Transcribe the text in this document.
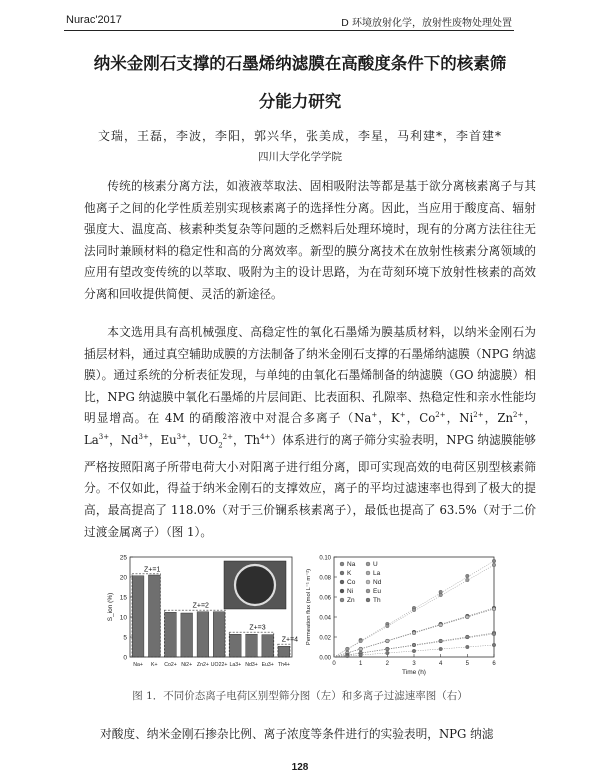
Nurac'2017	D 环境放射化学，放射性废物处理处置
纳米金刚石支撑的石墨烯纳滤膜在高酸度条件下的核素筛
分能力研究
文瑞，王磊，李波，李阳，郭兴华，张美成，李星，马利建*，李首建*
四川大学化学学院

传统的核素分离方法，如液液萃取法、固相吸附法等都是基于欲分离核素离子与其他离子之间的化学性质差别实现核素离子的选择性分离。因此，当应用于酸度高、辐射强度大、温度高、核素种类复杂等问题的乏燃料后处理环境时，现有的分离方法往往无法同时兼顾材料的稳定性和高的分离效率。新型的膜分离技术在放射性核素分离领域的应用有望改变传统的以萃取、吸附为主的设计思路，为在苛刻环境下放射性核素的高效分离和回收提供简便、灵活的新途径。

本文选用具有高机械强度、高稳定性的氧化石墨烯为膜基质材料，以纳米金刚石为插层材料，通过真空辅助成膜的方法制备了纳米金刚石支撑的石墨烯纳滤膜（NPG 纳滤膜）。通过系统的分析表征发现，与单纯的由氧化石墨烯制备的纳滤膜（GO 纳滤膜）相比，NPG 纳滤膜中氧化石墨烯的片层间距、比表面积、孔隙率、热稳定性和亲水性能均明显增高。在 4M 的硝酸溶液中对混合多离子（Na+，K+，$Co^{2+}$，$Ni^{2+}$，$Zn^{2+}$，$La^{3+}$，$Nd^{3+}$，$Eu^{3+}$，$UO_2^{2+}$，$Th^{4+}$）体系进行的离子筛分实验表明，NPG 纳滤膜能够严格按照阳离子所带电荷大小对阳离子进行组分离，即可实现高效的电荷区别型核素筛分。不仅如此，得益于纳米金刚石的支撑效应，离子的平均过滤速率也得到了极大的提高，最高提高了 118.0%（对于三价镧系核素离子），最低也提高了 63.5%（对于二价过渡金属离子）（图 1）。

0
5
10
15
20
25
S_ion (%)
Na+ K+ Co2+ Ni2+ Zn2+ UO22+ La3+ Nd3+ Eu3+ Th4+
Z+=1
Z+=2
Z+=3
Z+=4
0.00
0.02
0.04
0.06
0.08
0.10
0	1	2	3	4	5	6
Time (h)
Permeation flux (mol L⁻¹ m⁻²)
Na	U
K	La
Co	Nd
Ni	Eu
Zn	Th
图 1．不同价态离子电荷区别型筛分图（左）和多离子过滤速率图（右）

对酸度、纳米金刚石掺杂比例、离子浓度等条件进行的实验表明，NPG 纳滤

128
